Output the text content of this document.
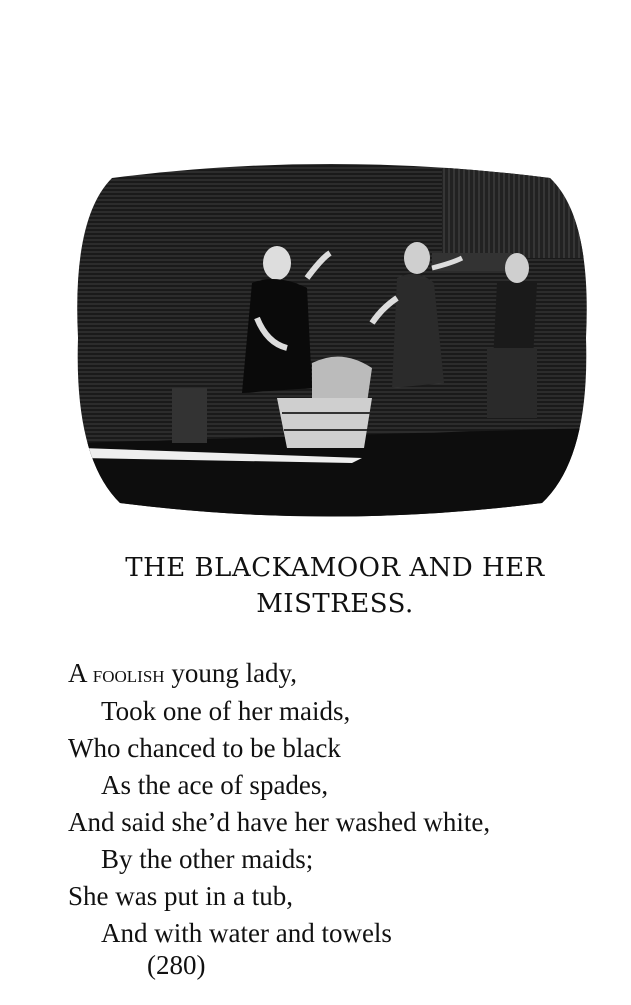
THE BLACKAMOOR AND HER
MISTRESS.
A foolish young lady,
Took one of her maids,
Who chanced to be black
As the ace of spades,
And said she’d have her washed white,
By the other maids;
She was put in a tub,
And with water and towels
(280)
